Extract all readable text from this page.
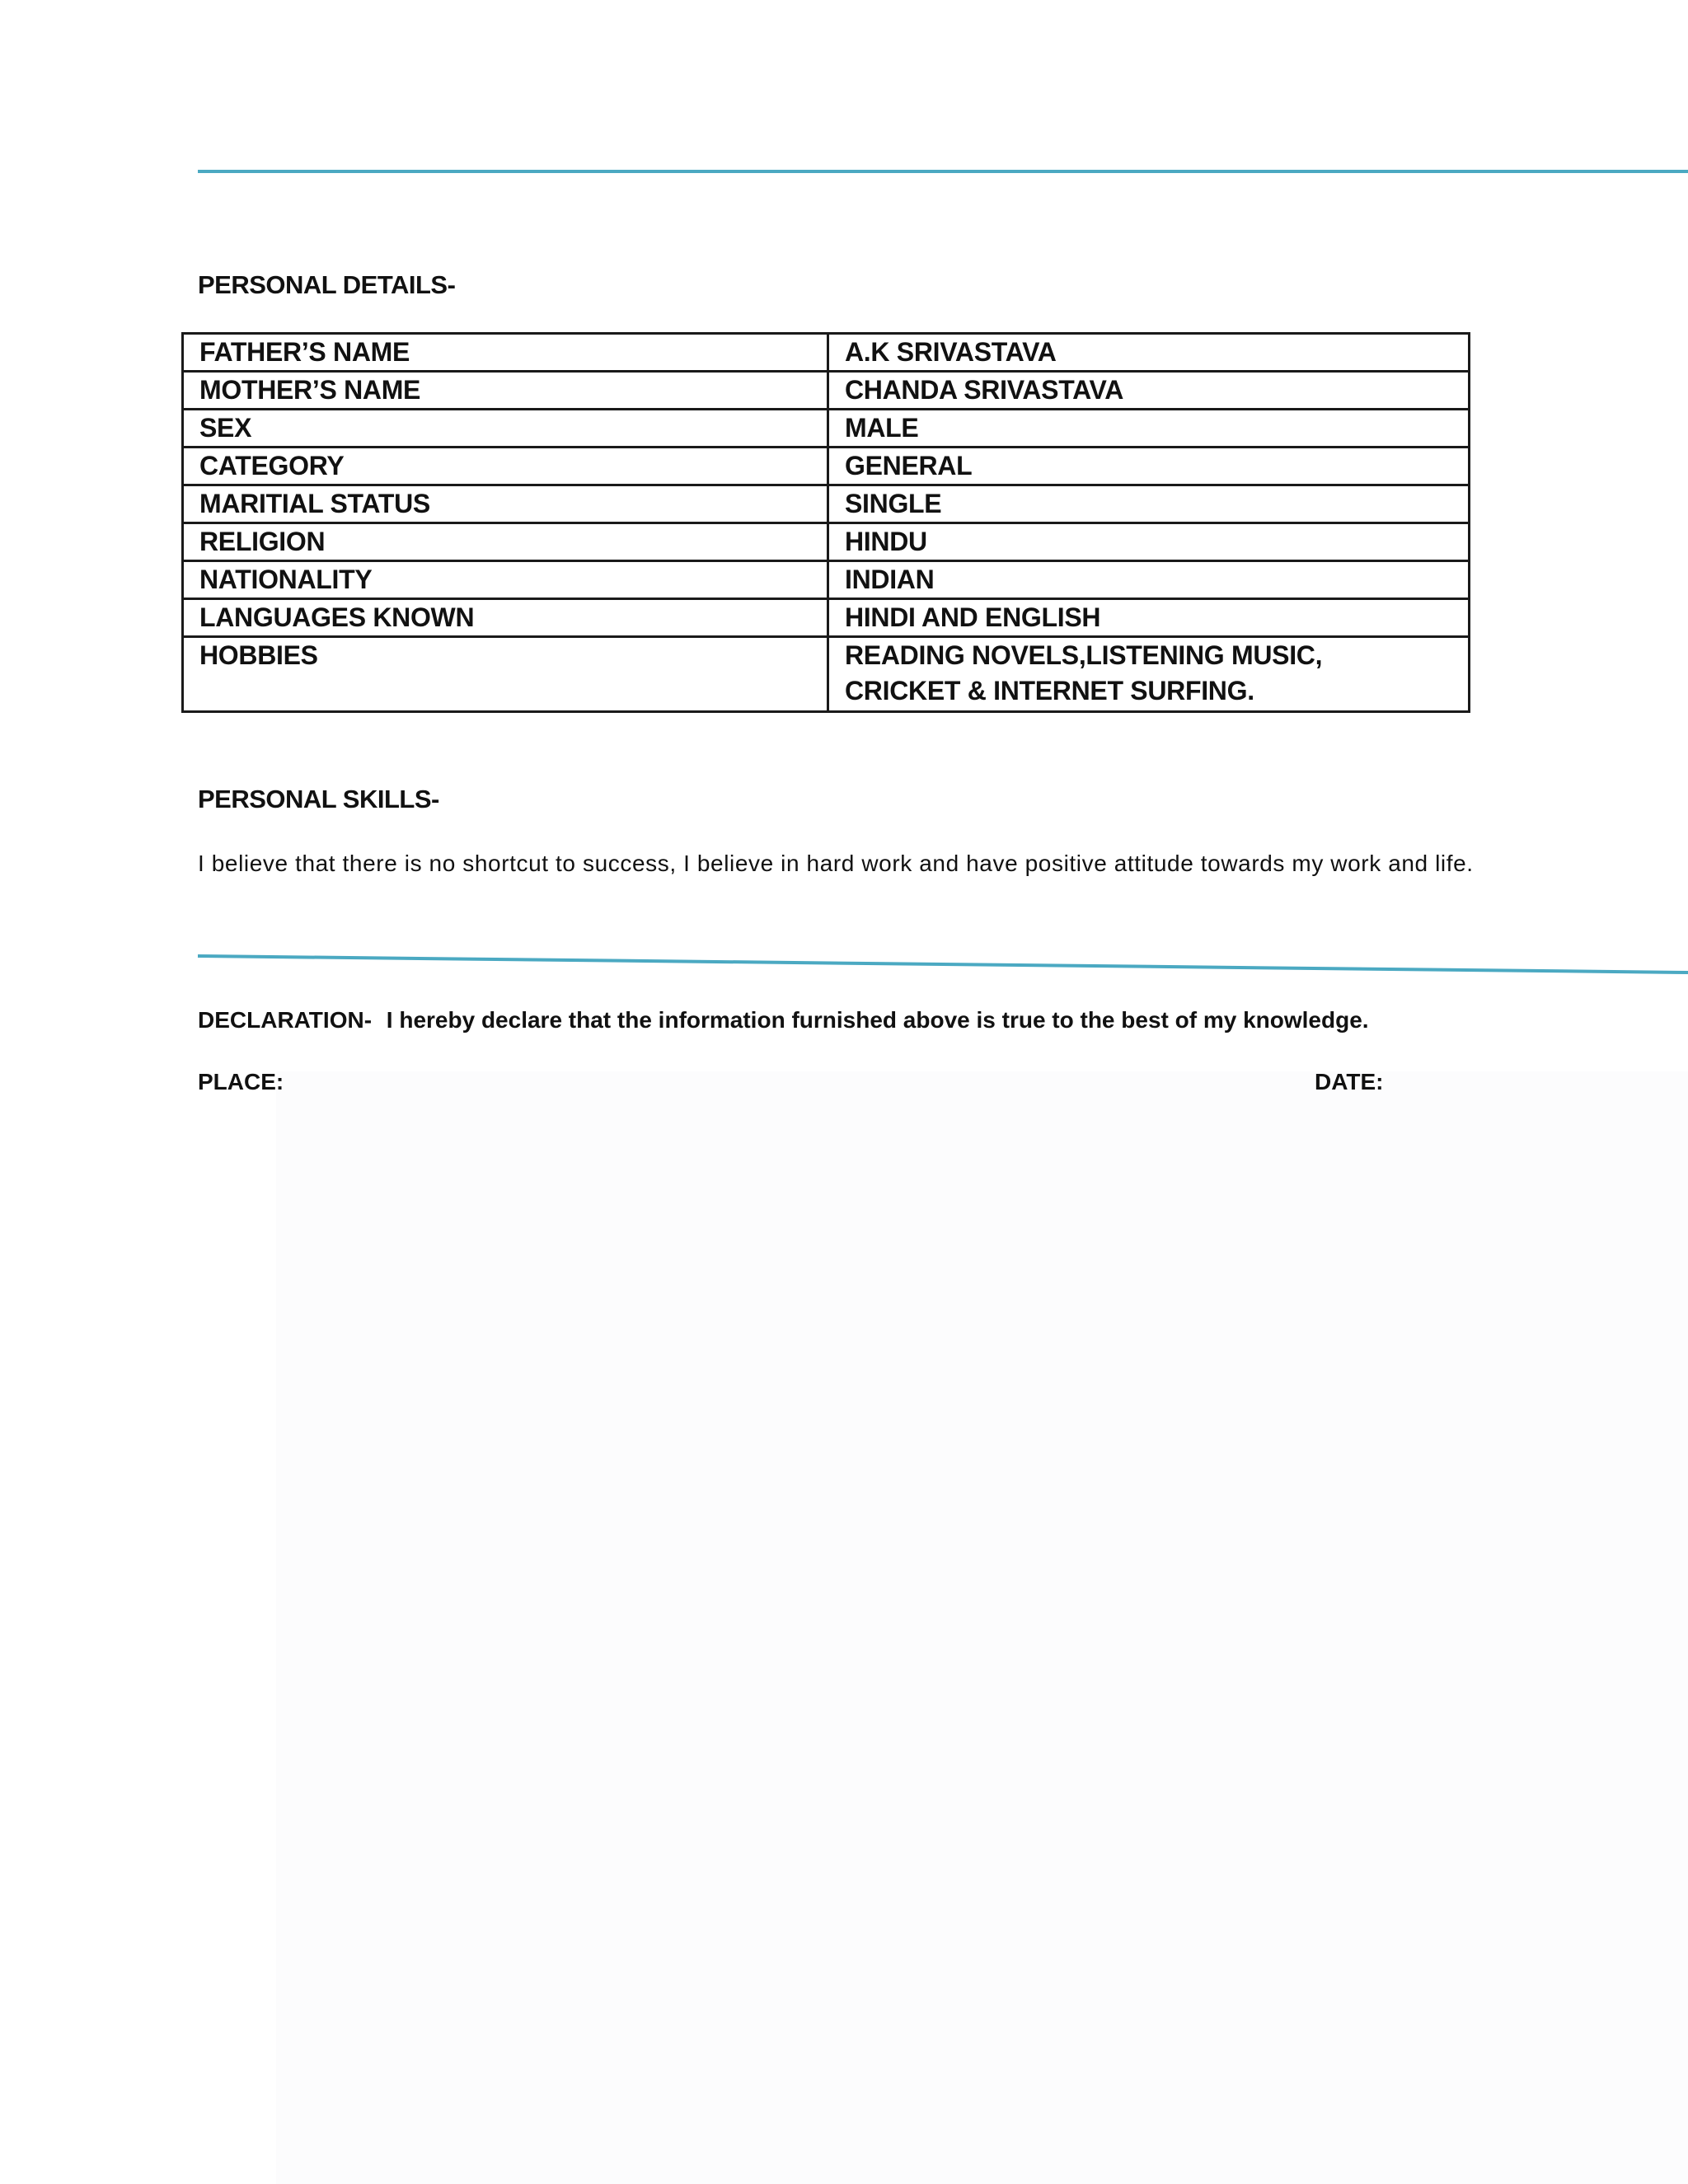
PERSONAL DETAILS-
FATHER’S NAME	A.K SRIVASTAVA
MOTHER’S NAME	CHANDA SRIVASTAVA
SEX	MALE
CATEGORY	GENERAL
MARITIAL STATUS	SINGLE
RELIGION	HINDU
NATIONALITY	INDIAN
LANGUAGES KNOWN	HINDI AND ENGLISH
HOBBIES	READING NOVELS,LISTENING MUSIC,
CRICKET & INTERNET SURFING.
PERSONAL SKILLS-

I believe that there is no shortcut to success, I believe in hard work and have positive attitude towards my work and life.

DECLARATION- I hereby declare that the information furnished above is true to the best of my knowledge.

PLACE:	DATE:
